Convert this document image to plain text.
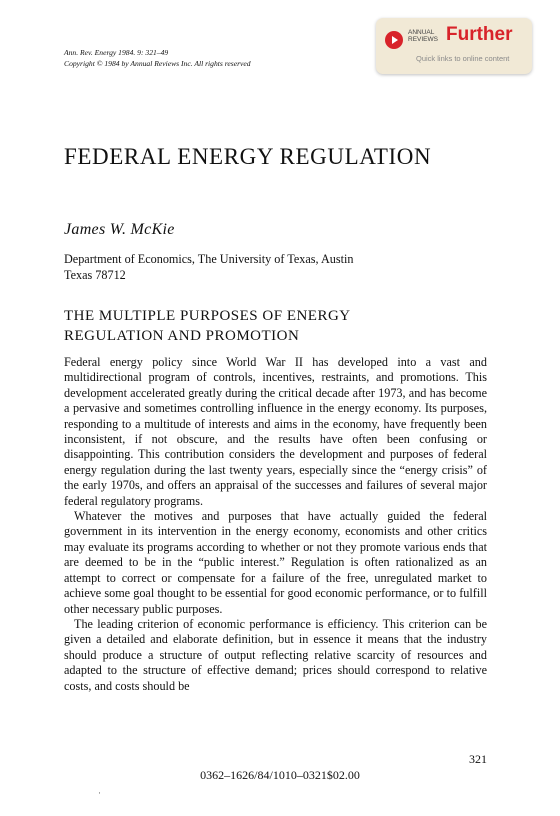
Ann. Rev. Energy 1984. 9: 321–49
Copyright © 1984 by Annual Reviews Inc. All rights reserved
ANNUAL
REVIEWS Further
Quick links to online content
FEDERAL ENERGY REGULATION
James W. McKie
Department of Economics, The University of Texas, Austin
Texas 78712
THE MULTIPLE PURPOSES OF ENERGY
REGULATION AND PROMOTION

Federal energy policy since World War II has developed into a vast and multidirectional program of controls, incentives, restraints, and promotions. This development accelerated greatly during the critical decade after 1973, and has become a pervasive and sometimes controlling influence in the energy economy. Its purposes, responding to a multitude of interests and aims in the economy, have frequently been inconsistent, if not obscure, and the results have often been confusing or disappointing. This contribution considers the development and purposes of federal energy regulation during the last twenty years, especially since the “energy crisis” of the early 1970s, and offers an appraisal of the successes and failures of several major federal regulatory programs.

Whatever the motives and purposes that have actually guided the federal government in its intervention in the energy economy, economists and other critics may evaluate its programs according to whether or not they promote various ends that are deemed to be in the “public interest.” Regulation is often rationalized as an attempt to correct or compensate for a failure of the free, unregulated market to achieve some goal thought to be essential for good economic performance, or to fulfill other necessary public purposes.

The leading criterion of economic performance is efficiency. This criterion can be given a detailed and elaborate definition, but in essence it means that the industry should produce a structure of output reflecting relative scarcity of resources and adapted to the structure of effective demand; prices should correspond to relative costs, and costs should be

321
0362–1626/84/1010–0321$02.00
·
